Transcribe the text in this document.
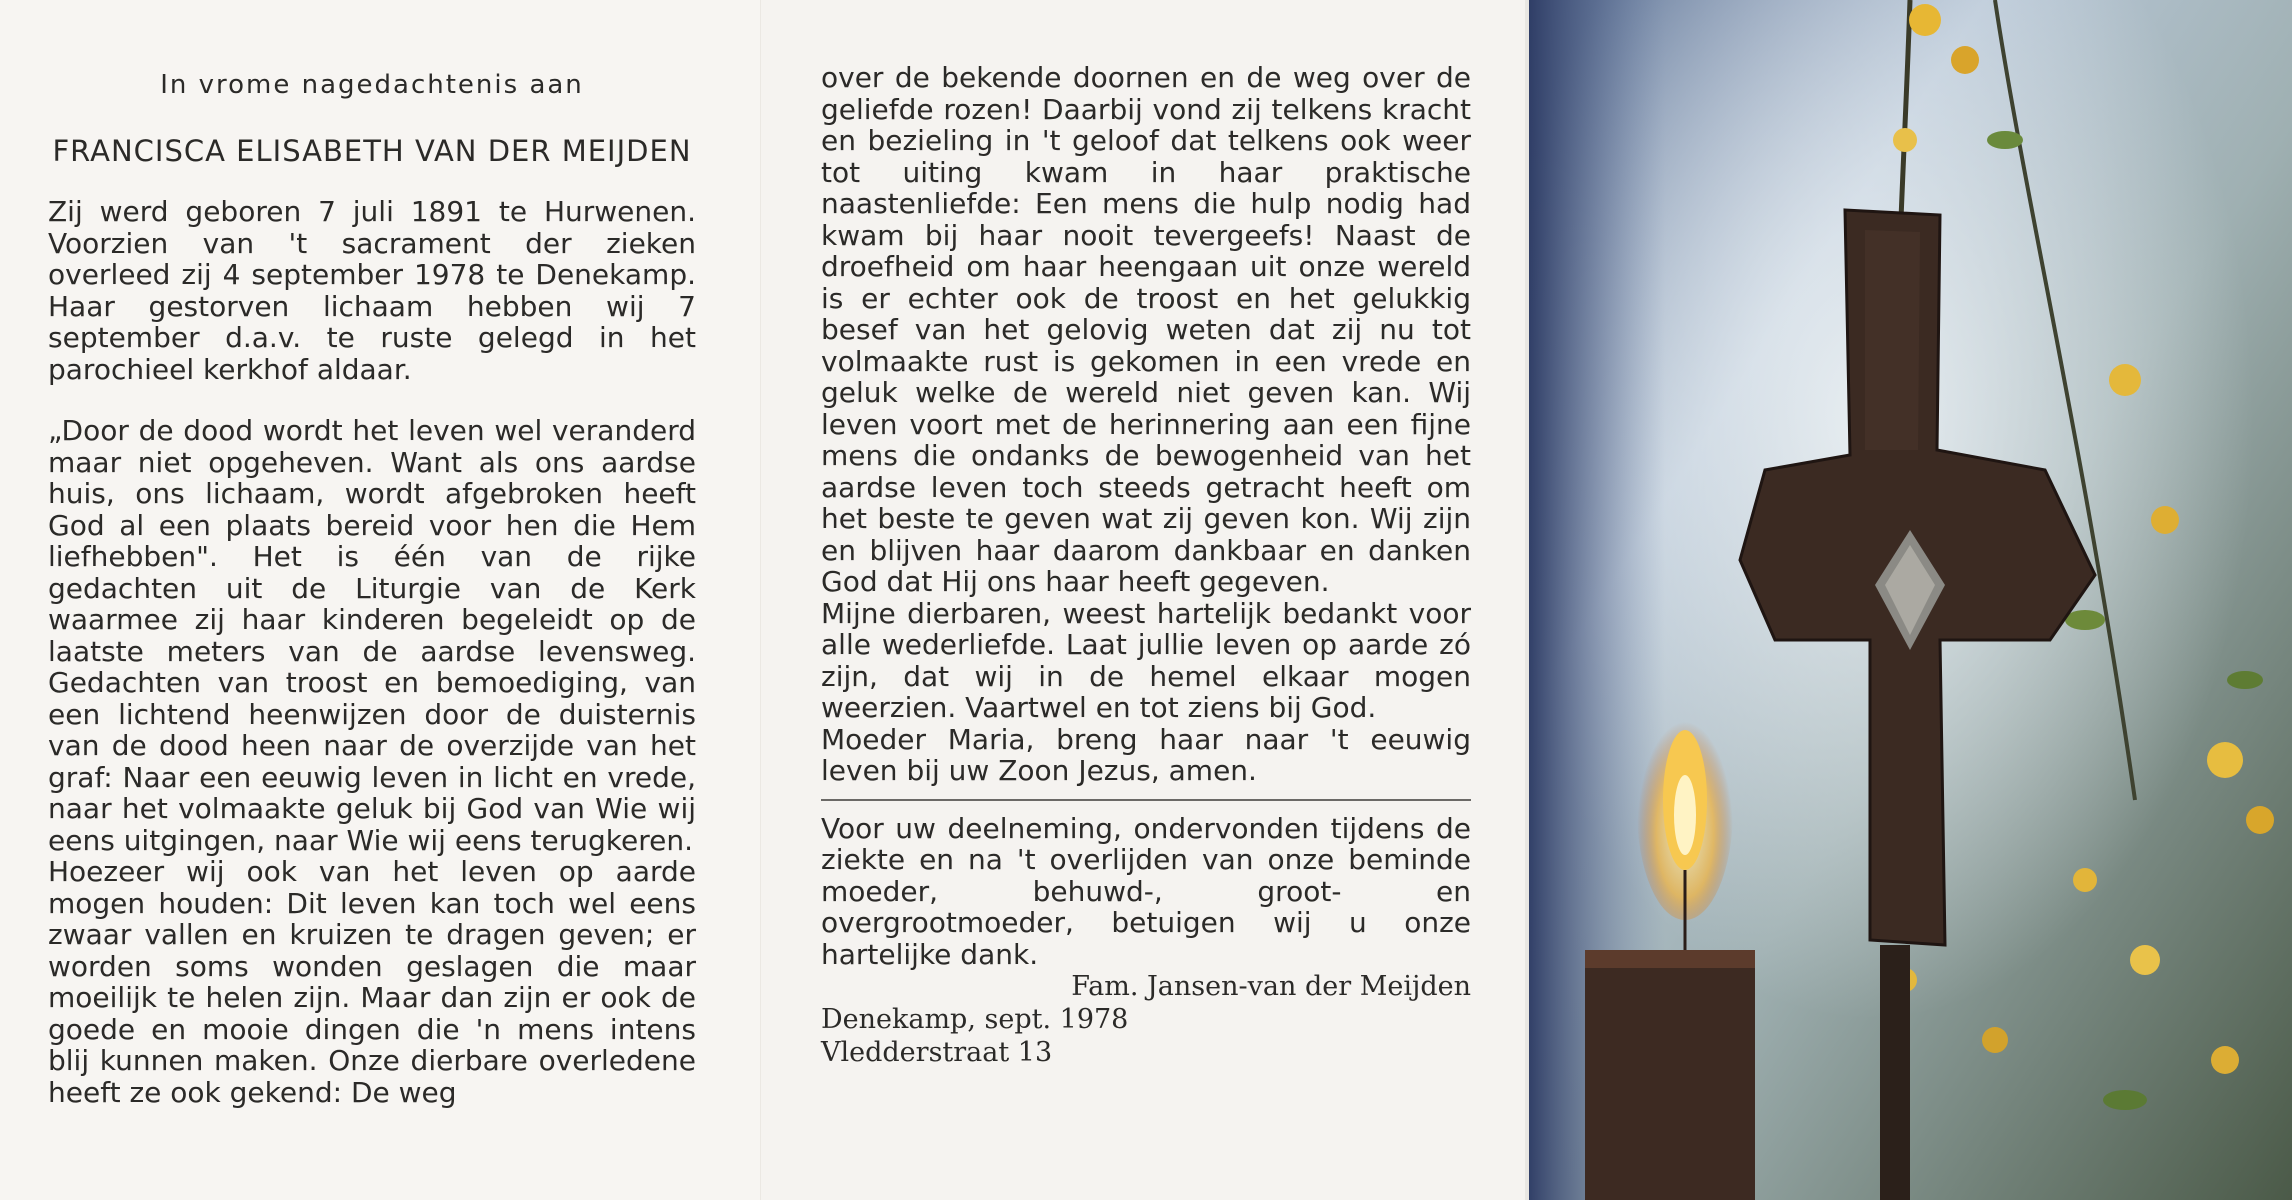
In vrome nagedachtenis aan
FRANCISCA ELISABETH VAN DER MEIJDEN

Zij werd geboren 7 juli 1891 te Hurwenen. Voorzien van 't sacrament der zieken overleed zij 4 september 1978 te Denekamp. Haar gestorven lichaam hebben wij 7 september d.a.v. te ruste gelegd in het parochieel kerkhof aldaar.

„Door de dood wordt het leven wel veranderd maar niet opgeheven. Want als ons aardse huis, ons lichaam, wordt afgebroken heeft God al een plaats bereid voor hen die Hem liefhebben". Het is één van de rijke gedachten uit de Liturgie van de Kerk waarmee zij haar kinderen begeleidt op de laatste meters van de aardse levensweg. Gedachten van troost en bemoediging, van een lichtend heenwijzen door de duisternis van de dood heen naar de overzijde van het graf: Naar een eeuwig leven in licht en vrede, naar het volmaakte geluk bij God van Wie wij eens uitgingen, naar Wie wij eens terugkeren.

Hoezeer wij ook van het leven op aarde mogen houden: Dit leven kan toch wel eens zwaar vallen en kruizen te dragen geven; er worden soms wonden geslagen die maar moeilijk te helen zijn. Maar dan zijn er ook de goede en mooie dingen die 'n mens intens blij kunnen maken. Onze dierbare overledene heeft ze ook gekend: De weg

over de bekende doornen en de weg over de geliefde rozen! Daarbij vond zij telkens kracht en bezieling in 't geloof dat telkens ook weer tot uiting kwam in haar praktische naastenliefde: Een mens die hulp nodig had kwam bij haar nooit tevergeefs! Naast de droefheid om haar heengaan uit onze wereld is er echter ook de troost en het gelukkig besef van het gelovig weten dat zij nu tot volmaakte rust is gekomen in een vrede en geluk welke de wereld niet geven kan. Wij leven voort met de herinnering aan een fijne mens die ondanks de bewogenheid van het aardse leven toch steeds getracht heeft om het beste te geven wat zij geven kon. Wij zijn en blijven haar daarom dankbaar en danken God dat Hij ons haar heeft gegeven.

Mijne dierbaren, weest hartelijk bedankt voor alle wederliefde. Laat jullie leven op aarde zó zijn, dat wij in de hemel elkaar mogen weerzien. Vaartwel en tot ziens bij God.

Moeder Maria, breng haar naar 't eeuwig leven bij uw Zoon Jezus, amen.

Voor uw deelneming, ondervonden tijdens de ziekte en na 't overlijden van onze beminde moeder, behuwd-, groot- en overgrootmoeder, betuigen wij u onze hartelijke dank.

Fam. Jansen-van der Meijden
Denekamp, sept. 1978
Vledderstraat 13
